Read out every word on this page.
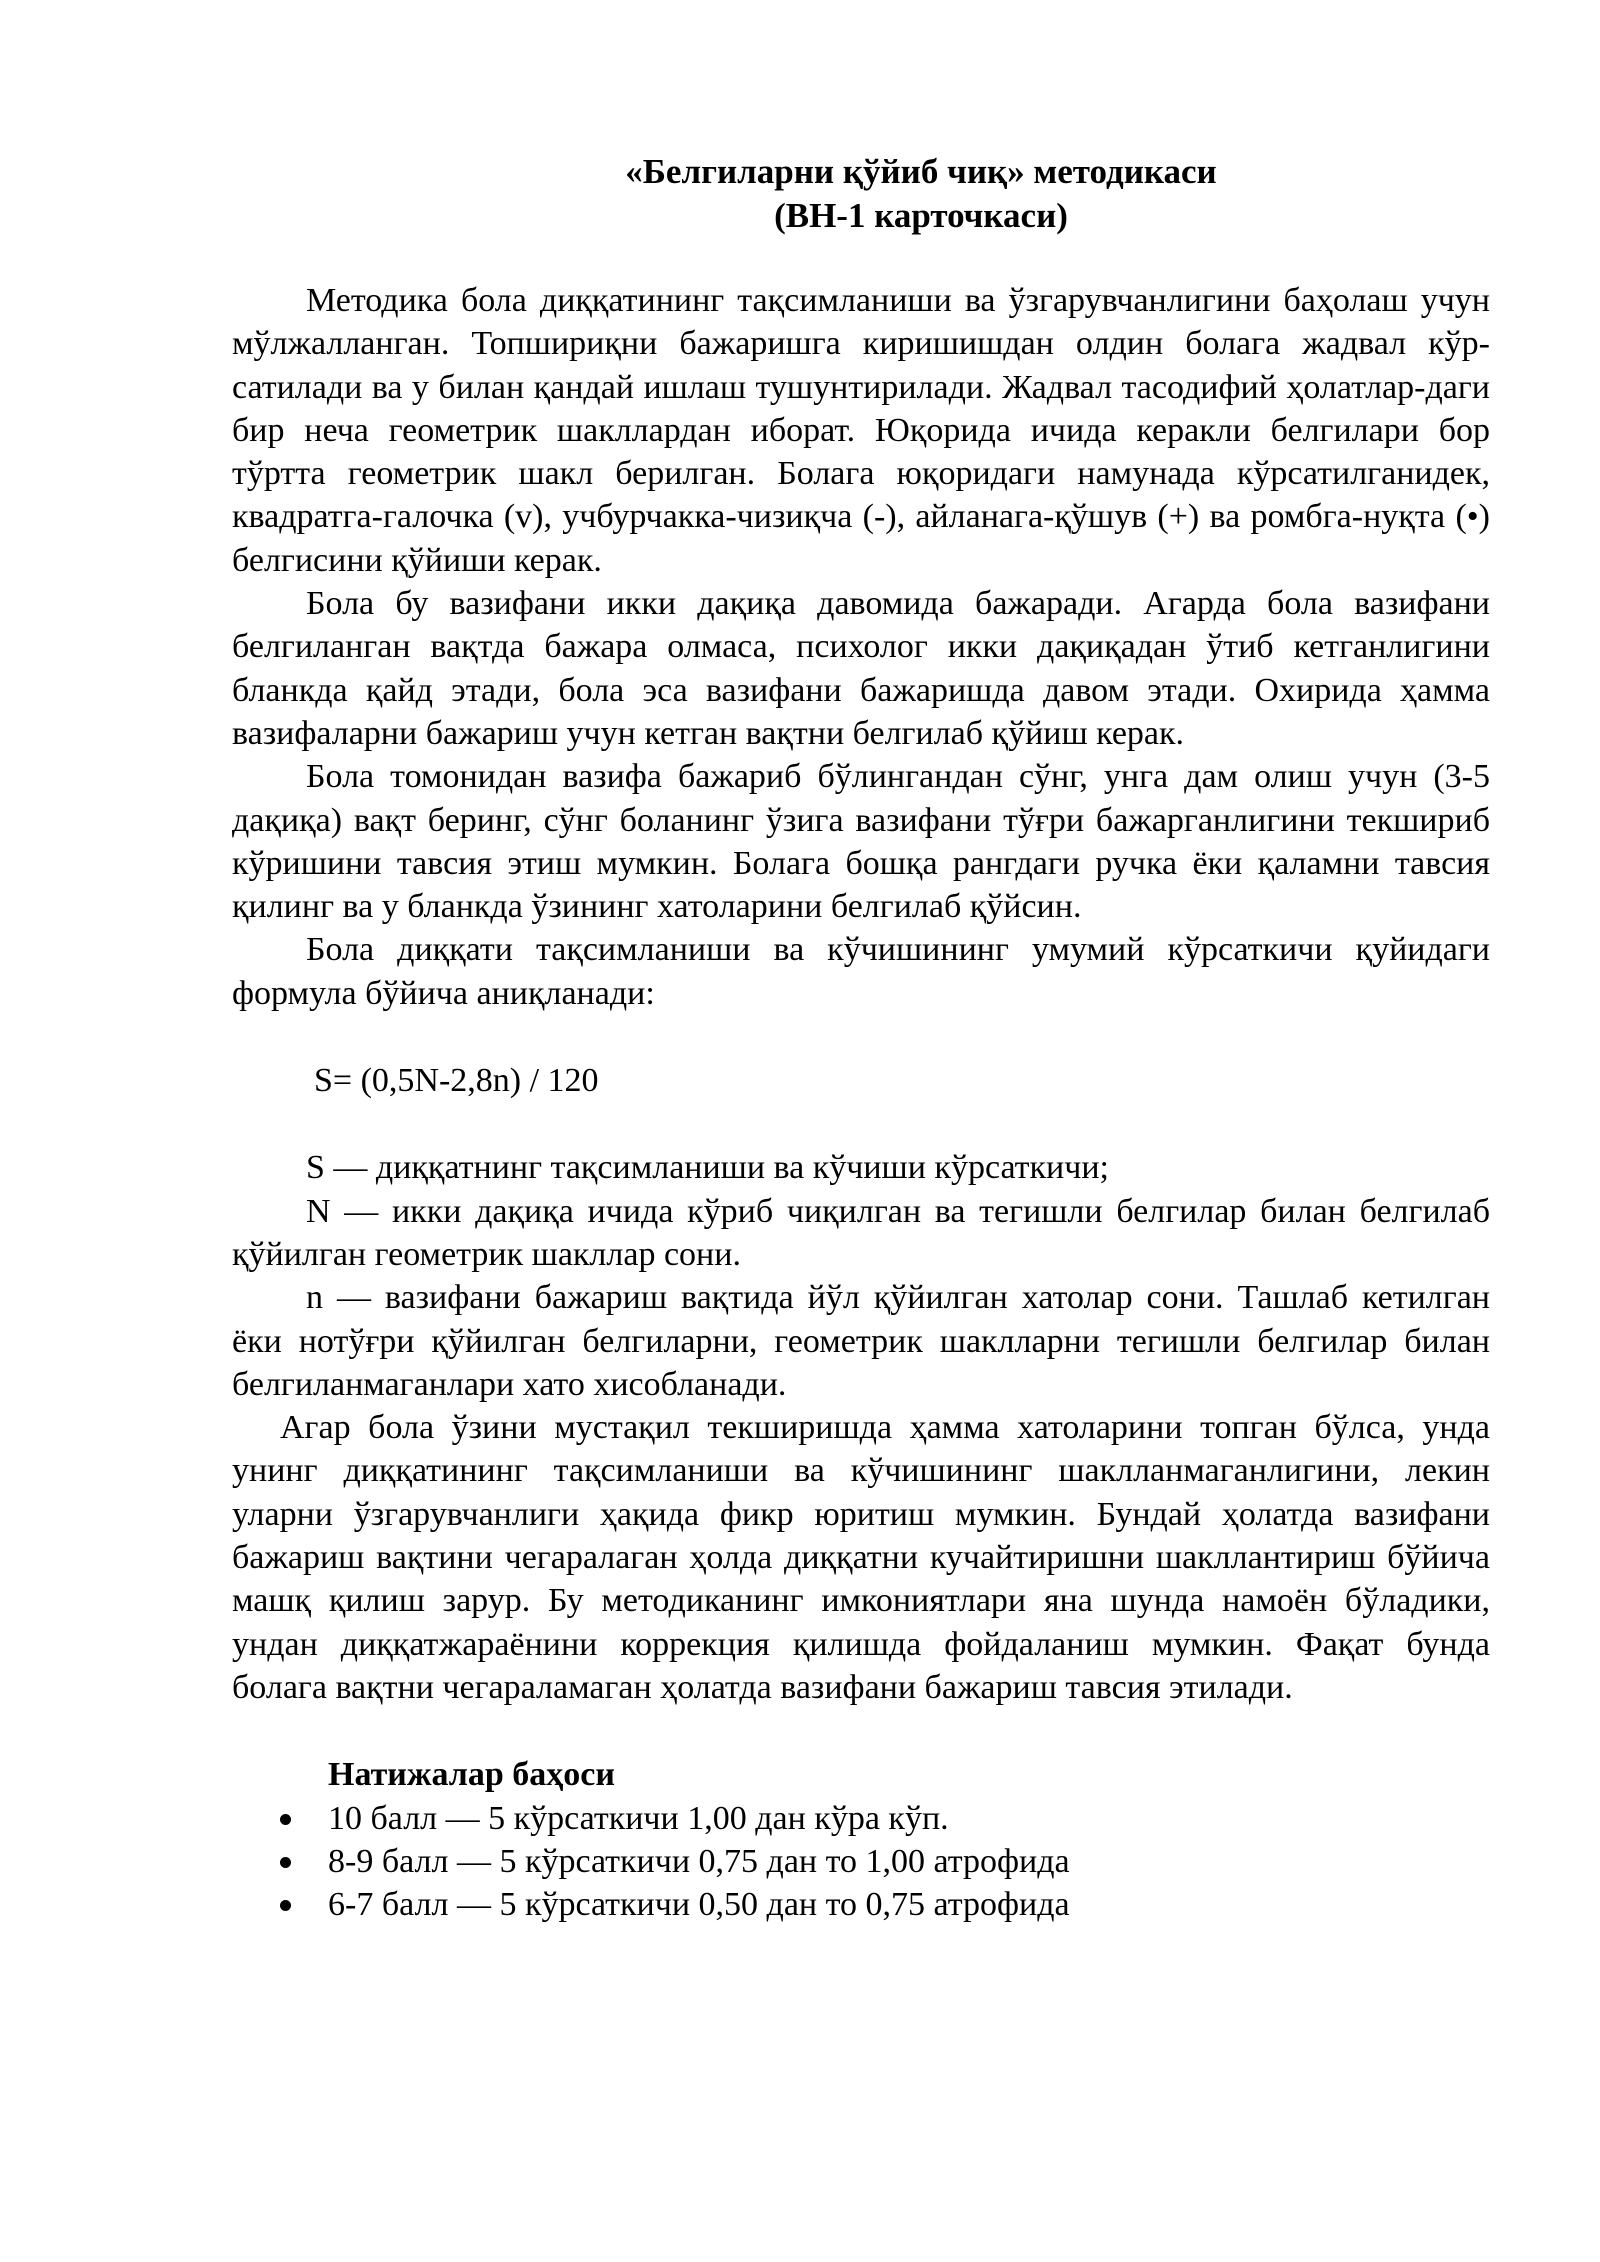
«Белгиларни қўйиб чиқ» методикаси

(ВН-1 карточкаси)

Методика бола диққатининг тақсимланиши ва ўзгарувчанлигини баҳолаш учун мўлжалланган. Топшириқни бажаришга киришишдан олдин болага жадвал кўр-сатилади ва у билан қандай ишлаш тушунтирилади. Жадвал тасодифий ҳолатлар-даги бир неча геометрик шакллардан иборат. Юқорида ичида керакли белгилари бор тўртта геометрик шакл берилган. Болага юқоридаги намунада кўрсатилганидек, квадратга-галочка (v), учбурчакка-чизиқча (-), айланага-қўшув (+) ва ромбга-нуқта (•) белгисини қўйиши керак.

Бола бу вазифани икки дақиқа давомида бажаради. Агарда бола вазифани белгиланган вақтда бажара олмаса, психолог икки дақиқадан ўтиб кетганлигини бланкда қайд этади, бола эса вазифани бажаришда давом этади. Охирида ҳамма вазифаларни бажариш учун кетган вақтни белгилаб қўйиш керак.

Бола томонидан вазифа бажариб бўлингандан сўнг, унга дам олиш учун (3-5 дақиқа) вақт беринг, сўнг боланинг ўзига вазифани тўғри бажарганлигини текшириб кўришини тавсия этиш мумкин. Болага бошқа рангдаги ручка ёки қаламни тавсия қилинг ва у бланкда ўзининг хатоларини белгилаб қўйсин.

Бола диққати тақсимланиши ва кўчишининг умумий кўрсаткичи қуйидаги формула бўйича аниқланади:

S= (0,5N-2,8n) / 120

S — диққатнинг тақсимланиши ва кўчиши кўрсаткичи;

N — икки дақиқа ичида кўриб чиқилган ва тегишли белгилар билан белгилаб қўйилган геометрик шакллар сони.

n — вазифани бажариш вақтида йўл қўйилган хатолар сони. Ташлаб кетилган ёки нотўғри қўйилган белгиларни, геометрик шаклларни тегишли белгилар билан белгиланмаганлари хато хисобланади.

Агар бола ўзини мустақил текширишда ҳамма хатоларини топган бўлса, унда унинг диққатининг тақсимланиши ва кўчишининг шаклланмаганлигини, лекин уларни ўзгарувчанлиги ҳақида фикр юритиш мумкин. Бундай ҳолатда вазифани бажариш вақтини чегаралаган ҳолда диққатни кучайтиришни шакллантириш бўйича машқ қилиш зарур. Бу методиканинг имкониятлари яна шунда намоён бўладики, ундан диққатжараёнини коррекция қилишда фойдаланиш мумкин. Фақат бунда болага вақтни чегараламаган ҳолатда вазифани бажариш тавсия этилади.

Натижалар баҳоси

10 балл — 5 кўрсаткичи 1,00 дан кўра кўп.
8-9 балл — 5 кўрсаткичи 0,75 дан то 1,00 атрофида
6-7 балл — 5 кўрсаткичи 0,50 дан то 0,75 атрофида
